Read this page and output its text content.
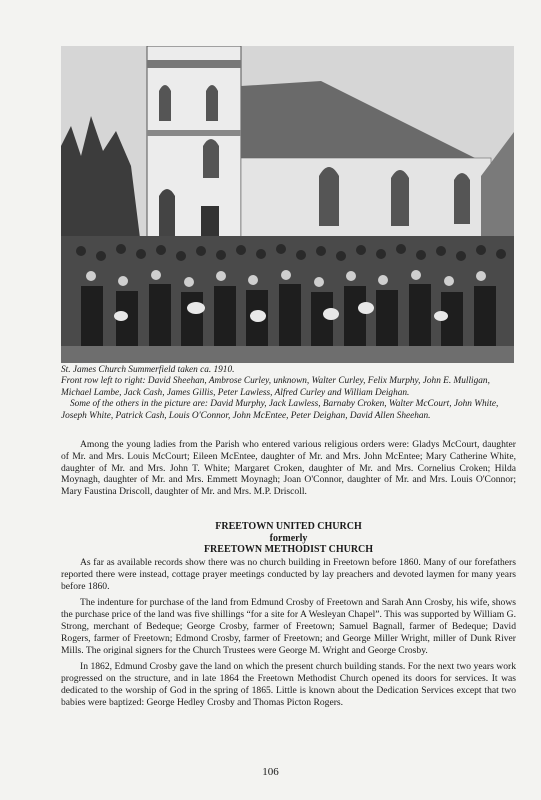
St. James Church Summerfield taken ca. 1910.

Front row left to right: David Sheehan, Ambrose Curley, unknown, Walter Curley, Felix Murphy, John E. Mulligan, Michael Lambe, Jack Cash, James Gillis, Peter Lawless, Alfred Curley and William Deighan.

Some of the others in the picture are: David Murphy, Jack Lawless, Barnaby Croken, Walter McCourt, John White, Joseph White, Patrick Cash, Louis O'Connor, John McEntee, Peter Deighan, David Allen Sheehan.

Among the young ladies from the Parish who entered various religious orders were: Gladys McCourt, daughter of Mr. and Mrs. Louis McCourt; Eileen McEntee, daughter of Mr. and Mrs. John McEntee; Mary Catherine White, daughter of Mr. and Mrs. John T. White; Margaret Croken, daughter of Mr. and Mrs. Cornelius Croken; Hilda Moynagh, daughter of Mr. and Mrs. Emmett Moynagh; Joan O'Connor, daughter of Mr. and Mrs. Louis O'Connor; Mary Faustina Driscoll, daughter of Mr. and Mrs. M.P. Driscoll.

FREETOWN UNITED CHURCH
formerly
FREETOWN METHODIST CHURCH

As far as available records show there was no church building in Freetown before 1860. Many of our forefathers reported there were instead, cottage prayer meetings conducted by lay preachers and devoted laymen for many years before 1860.

The indenture for purchase of the land from Edmund Crosby of Freetown and Sarah Ann Crosby, his wife, shows the purchase price of the land was five shillings “for a site for A Wesleyan Chapel”. This was supported by William G. Strong, merchant of Bedeque; George Crosby, farmer of Freetown; Samuel Bagnall, farmer of Bedeque; David Rogers, farmer of Freetown; Edmond Crosby, farmer of Freetown; and George Miller Wright, miller of Dunk River Mills. The original signers for the Church Trustees were George M. Wright and George Crosby.

In 1862, Edmund Crosby gave the land on which the present church building stands. For the next two years work progressed on the structure, and in late 1864 the Freetown Methodist Church opened its doors for services. It was dedicated to the worship of God in the spring of 1865. Little is known about the Dedication Services except that two babies were baptized: George Hedley Crosby and Thomas Picton Rogers.

106
